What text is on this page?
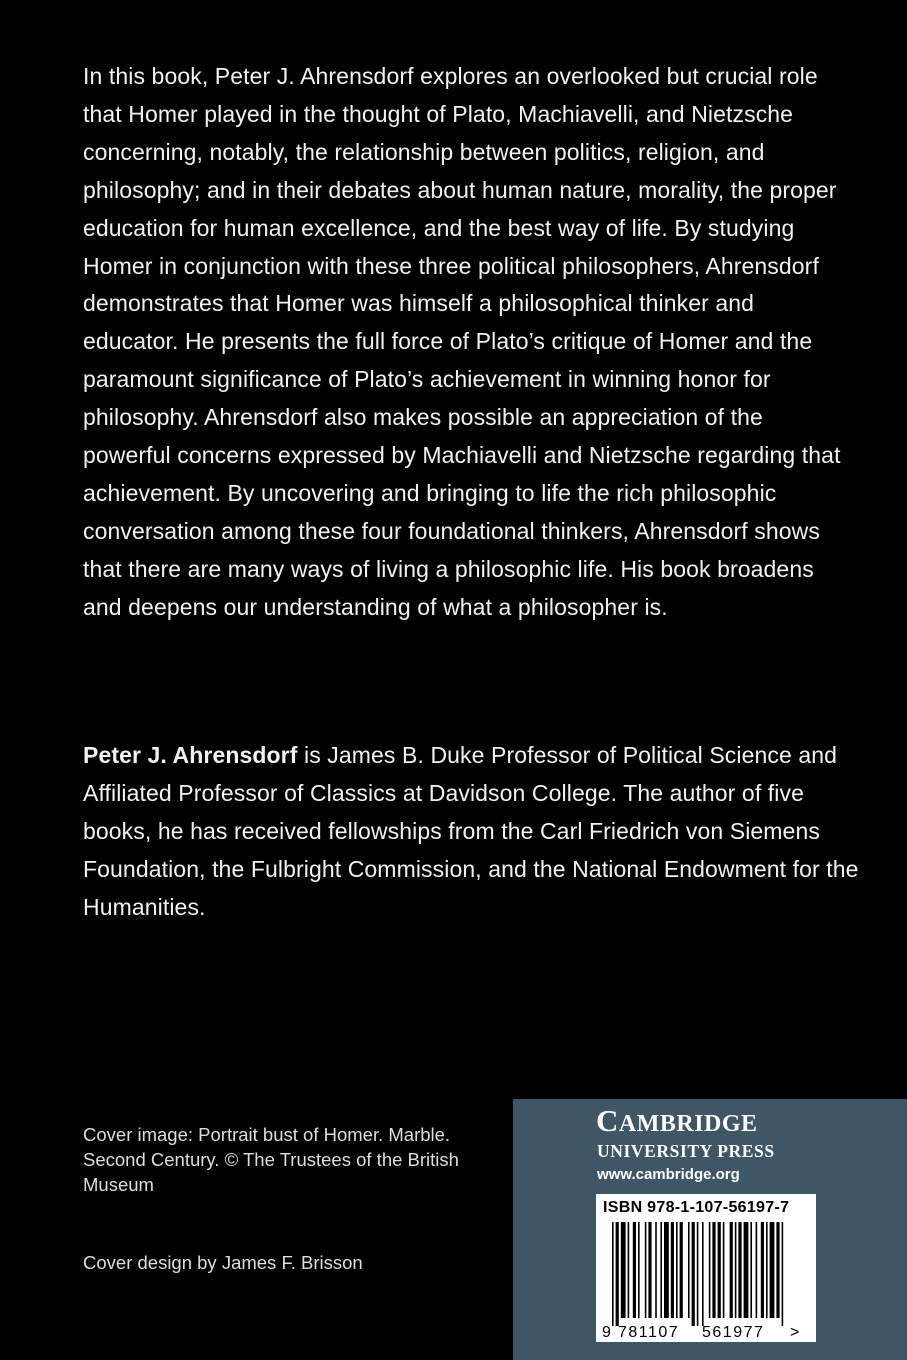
In this book, Peter J. Ahrensdorf explores an overlooked but crucial role that Homer played in the thought of Plato, Machiavelli, and Nietzsche concerning, notably, the relationship between politics, religion, and philosophy; and in their debates about human nature, morality, the proper education for human excellence, and the best way of life. By studying Homer in conjunction with these three political philosophers, Ahrensdorf demonstrates that Homer was himself a philosophical thinker and educator. He presents the full force of Plato’s critique of Homer and the paramount significance of Plato’s achievement in winning honor for philosophy. Ahrensdorf also makes possible an appreciation of the powerful concerns expressed by Machiavelli and Nietzsche regarding that achievement. By uncovering and bringing to life the rich philosophic conversation among these four foundational thinkers, Ahrensdorf shows that there are many ways of living a philosophic life. His book broadens and deepens our understanding of what a philosopher is.

Peter J. Ahrensdorf is James B. Duke Professor of Political Science and Affiliated Professor of Classics at Davidson College. The author of five books, he has received fellowships from the Carl Friedrich von Siemens Foundation, the Fulbright Commission, and the National Endowment for the Humanities.

Cover image: Portrait bust of Homer. Marble. Second Century. © The Trustees of the British Museum

Cover design by James F. Brisson

CAMBRIDGE
UNIVERSITY PRESS
www.cambridge.org
ISBN 978-1-107-56197-7
9 781107 561977 >
